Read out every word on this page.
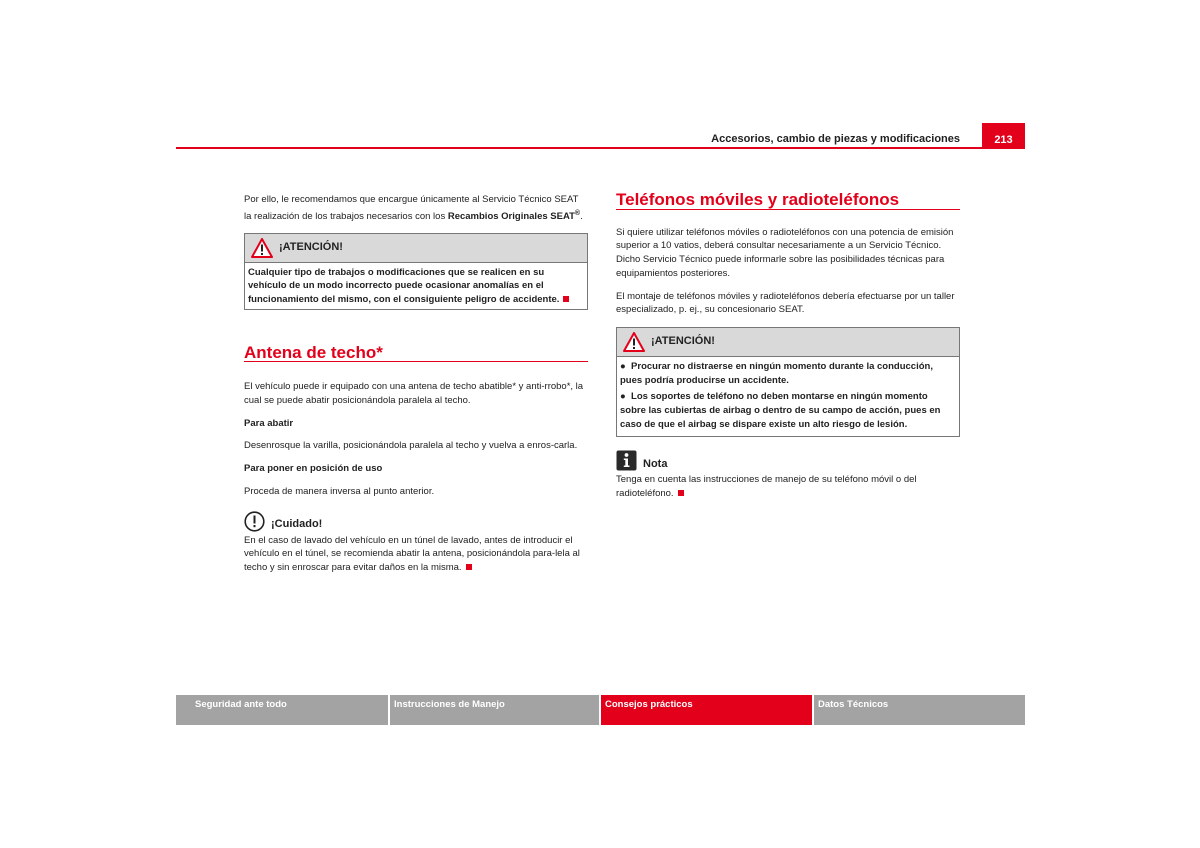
Accesorios, cambio de piezas y modificaciones	213

Por ello, le recomendamos que encargue únicamente al Servicio Técnico SEAT la realización de los trabajos necesarios con los Recambios Originales SEAT®.

¡ATENCIÓN!
Cualquier tipo de trabajos o modificaciones que se realicen en su vehículo de un modo incorrecto puede ocasionar anomalías en el funcionamiento del mismo, con el consiguiente peligro de accidente.
Antena de techo*

El vehículo puede ir equipado con una antena de techo abatible* y anti-rrobo*, la cual se puede abatir posicionándola paralela al techo.

Para abatir

Desenrosque la varilla, posicionándola paralela al techo y vuelva a enros-carla.

Para poner en posición de uso

Proceda de manera inversa al punto anterior.

¡Cuidado!

En el caso de lavado del vehículo en un túnel de lavado, antes de introducir el vehículo en el túnel, se recomienda abatir la antena, posicionándola para-lela al techo y sin enroscar para evitar daños en la misma.

Teléfonos móviles y radioteléfonos

Si quiere utilizar teléfonos móviles o radioteléfonos con una potencia de emisión superior a 10 vatios, deberá consultar necesariamente a un Servicio Técnico. Dicho Servicio Técnico puede informarle sobre las posibilidades técnicas para equipamientos posteriores.

El montaje de teléfonos móviles y radioteléfonos debería efectuarse por un taller especializado, p. ej., su concesionario SEAT.

¡ATENCIÓN!
●  Procurar no distraerse en ningún momento durante la conducción, pues podría producirse un accidente.
●  Los soportes de teléfono no deben montarse en ningún momento sobre las cubiertas de airbag o dentro de su campo de acción, pues en caso de que el airbag se dispare existe un alto riesgo de lesión.
Nota

Tenga en cuenta las instrucciones de manejo de su teléfono móvil o del radioteléfono.

Seguridad ante todo	Instrucciones de Manejo	Consejos prácticos	Datos Técnicos
